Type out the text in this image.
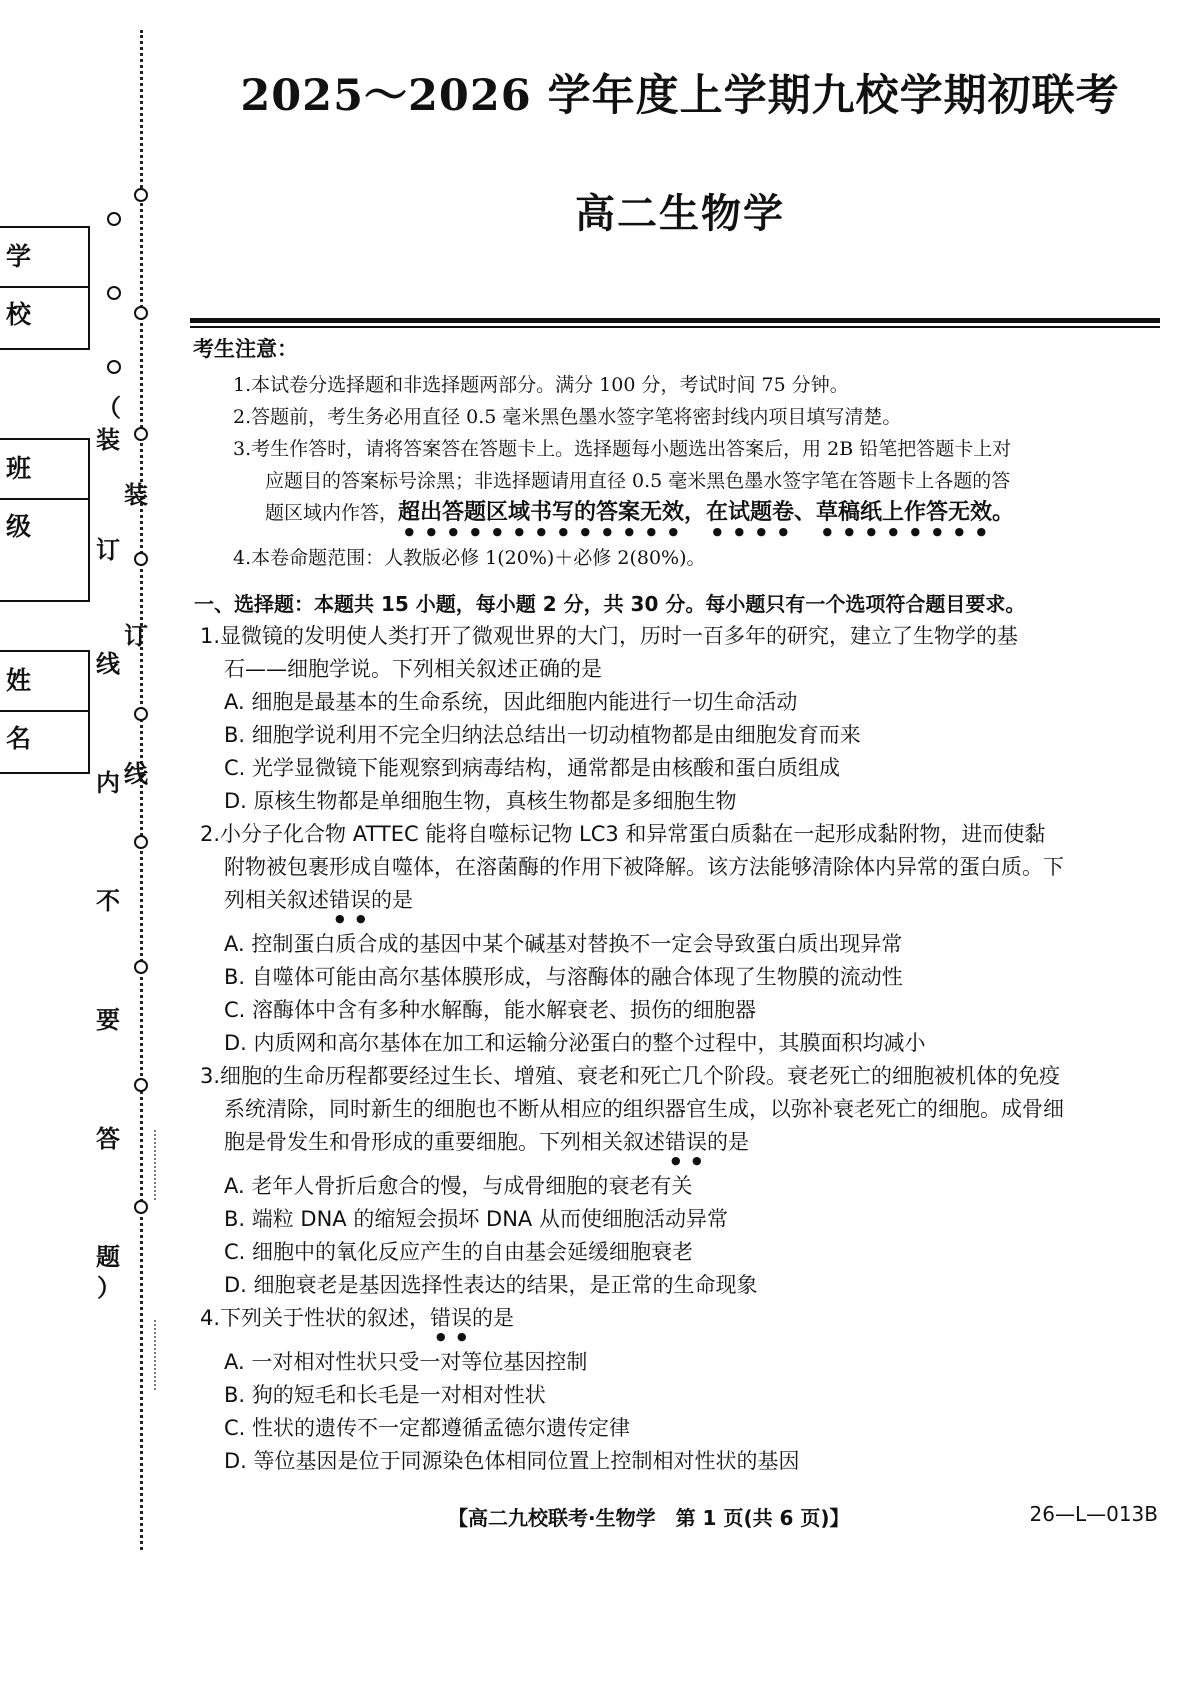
学 校
班 级
姓 名
（
装
订
线
内
不
要
答
题
）
装
订
线
2025～2026 学年度上学期九校学期初联考
高二生物学
考生注意：
1.本试卷分选择题和非选择题两部分。满分 100 分，考试时间 75 分钟。
2.答题前，考生务必用直径 0.5 毫米黑色墨水签字笔将密封线内项目填写清楚。
3.考生作答时，请将答案答在答题卡上。选择题每小题选出答案后，用 2B 铅笔把答题卡上对
应题目的答案标号涂黑；非选择题请用直径 0.5 毫米黑色墨水签字笔在答题卡上各题的答
题区域内作答，超出答题区域书写的答案无效，在试题卷、草稿纸上作答无效。
4.本卷命题范围：人教版必修 1(20%)＋必修 2(80%)。
一、选择题：本题共 15 小题，每小题 2 分，共 30 分。每小题只有一个选项符合题目要求。
1.显微镜的发明使人类打开了微观世界的大门，历时一百多年的研究，建立了生物学的基
石——细胞学说。下列相关叙述正确的是
A. 细胞是最基本的生命系统，因此细胞内能进行一切生命活动
B. 细胞学说利用不完全归纳法总结出一切动植物都是由细胞发育而来
C. 光学显微镜下能观察到病毒结构，通常都是由核酸和蛋白质组成
D. 原核生物都是单细胞生物，真核生物都是多细胞生物
2.小分子化合物 ATTEC 能将自噬标记物 LC3 和异常蛋白质黏在一起形成黏附物，进而使黏
附物被包裹形成自噬体，在溶菌酶的作用下被降解。该方法能够清除体内异常的蛋白质。下
列相关叙述错误的是
A. 控制蛋白质合成的基因中某个碱基对替换不一定会导致蛋白质出现异常
B. 自噬体可能由高尔基体膜形成，与溶酶体的融合体现了生物膜的流动性
C. 溶酶体中含有多种水解酶，能水解衰老、损伤的细胞器
D. 内质网和高尔基体在加工和运输分泌蛋白的整个过程中，其膜面积均减小
3.细胞的生命历程都要经过生长、增殖、衰老和死亡几个阶段。衰老死亡的细胞被机体的免疫
系统清除，同时新生的细胞也不断从相应的组织器官生成，以弥补衰老死亡的细胞。成骨细
胞是骨发生和骨形成的重要细胞。下列相关叙述错误的是
A. 老年人骨折后愈合的慢，与成骨细胞的衰老有关
B. 端粒 DNA 的缩短会损坏 DNA 从而使细胞活动异常
C. 细胞中的氧化反应产生的自由基会延缓细胞衰老
D. 细胞衰老是基因选择性表达的结果，是正常的生命现象
4.下列关于性状的叙述，错误的是
A. 一对相对性状只受一对等位基因控制
B. 狗的短毛和长毛是一对相对性状
C. 性状的遗传不一定都遵循孟德尔遗传定律
D. 等位基因是位于同源染色体相同位置上控制相对性状的基因
【高二九校联考·生物学　第 1 页(共 6 页)】	26—L—013B
